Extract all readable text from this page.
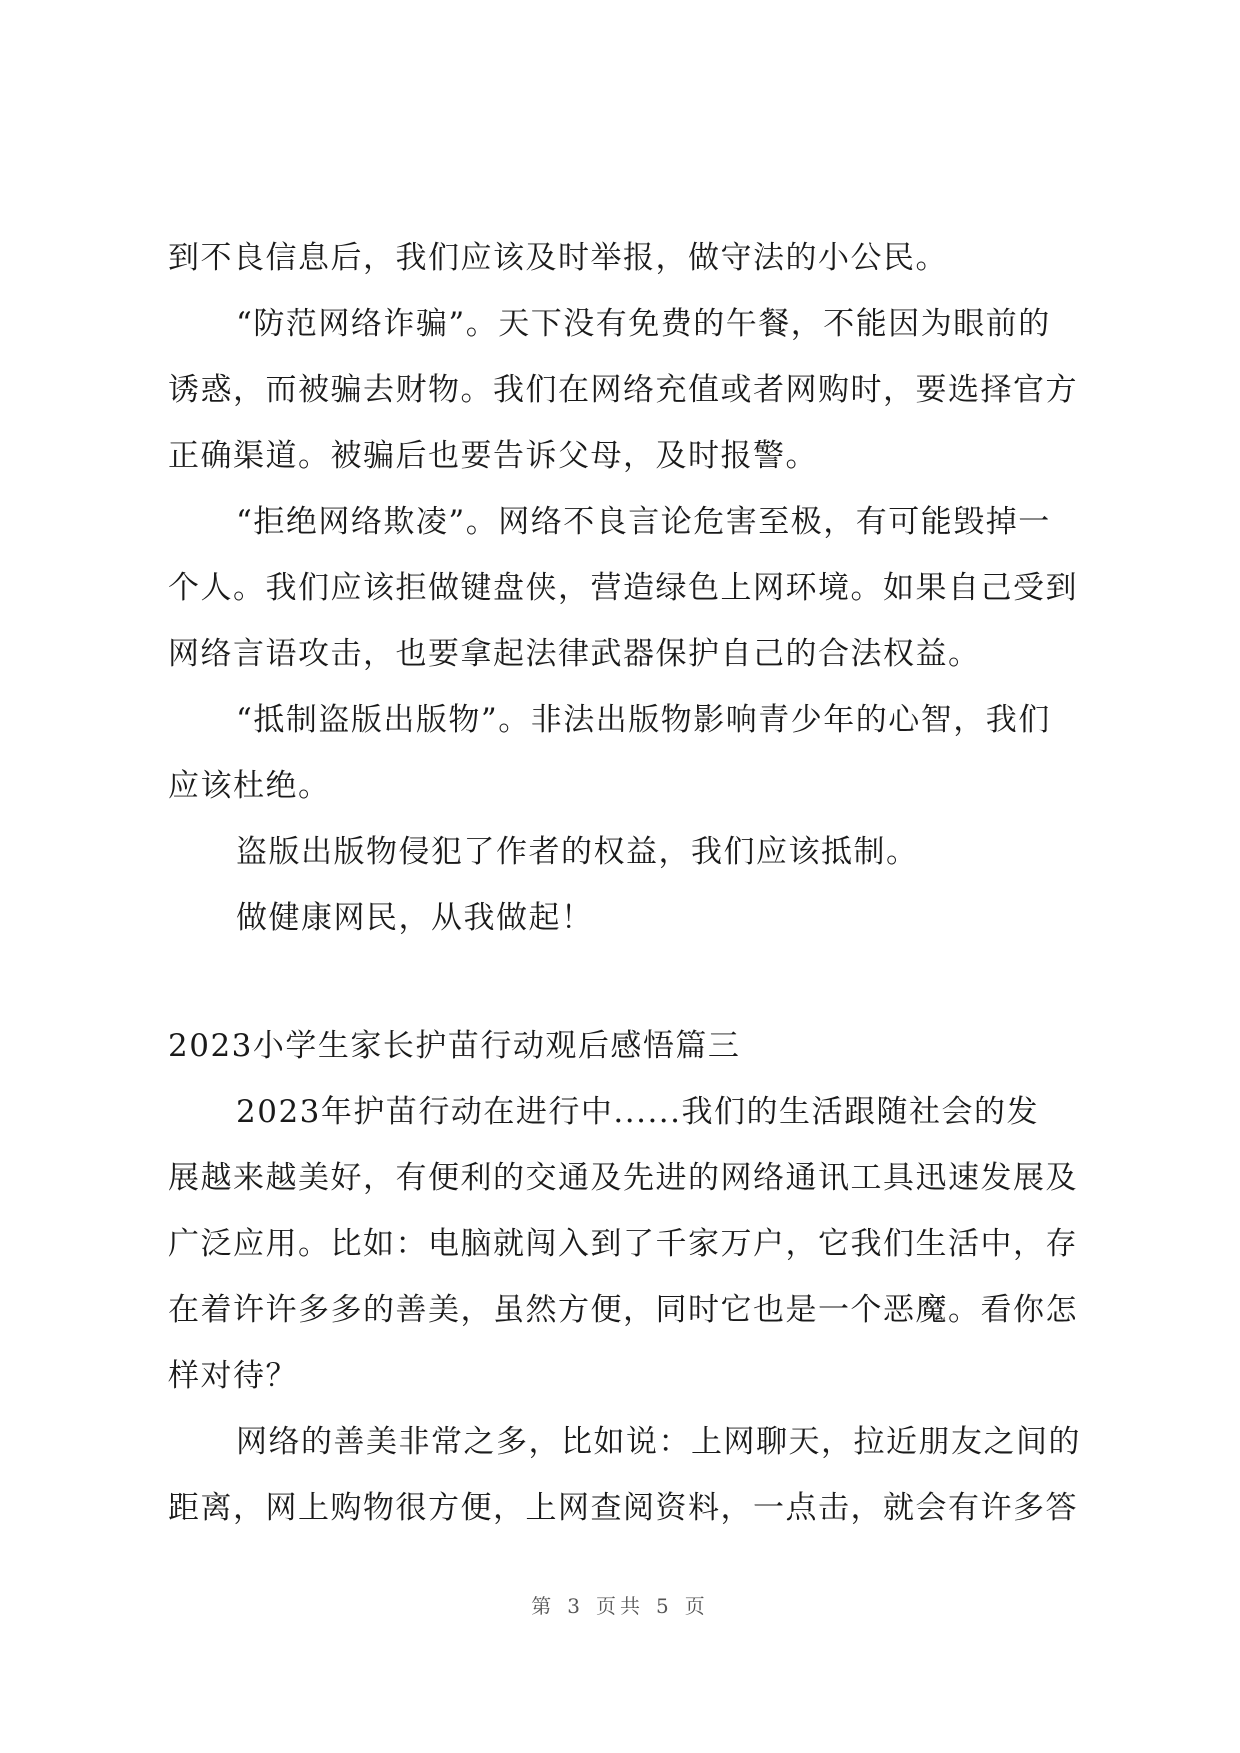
到不良信息后，我们应该及时举报，做守法的小公民。
“防范网络诈骗”。天下没有免费的午餐，不能因为眼前的
诱惑，而被骗去财物。我们在网络充值或者网购时，要选择官方
正确渠道。被骗后也要告诉父母，及时报警。
“拒绝网络欺凌”。网络不良言论危害至极，有可能毁掉一
个人。我们应该拒做键盘侠，营造绿色上网环境。如果自己受到
网络言语攻击，也要拿起法律武器保护自己的合法权益。
“抵制盗版出版物”。非法出版物影响青少年的心智，我们
应该杜绝。
盗版出版物侵犯了作者的权益，我们应该抵制。
做健康网民，从我做起！
2023小学生家长护苗行动观后感悟篇三
2023年护苗行动在进行中......我们的生活跟随社会的发
展越来越美好，有便利的交通及先进的网络通讯工具迅速发展及
广泛应用。比如：电脑就闯入到了千家万户，它我们生活中，存
在着许许多多的善美，虽然方便，同时它也是一个恶魔。看你怎
样对待？
网络的善美非常之多，比如说：上网聊天，拉近朋友之间的
距离，网上购物很方便，上网查阅资料，一点击，就会有许多答
第 3 页共 5 页
